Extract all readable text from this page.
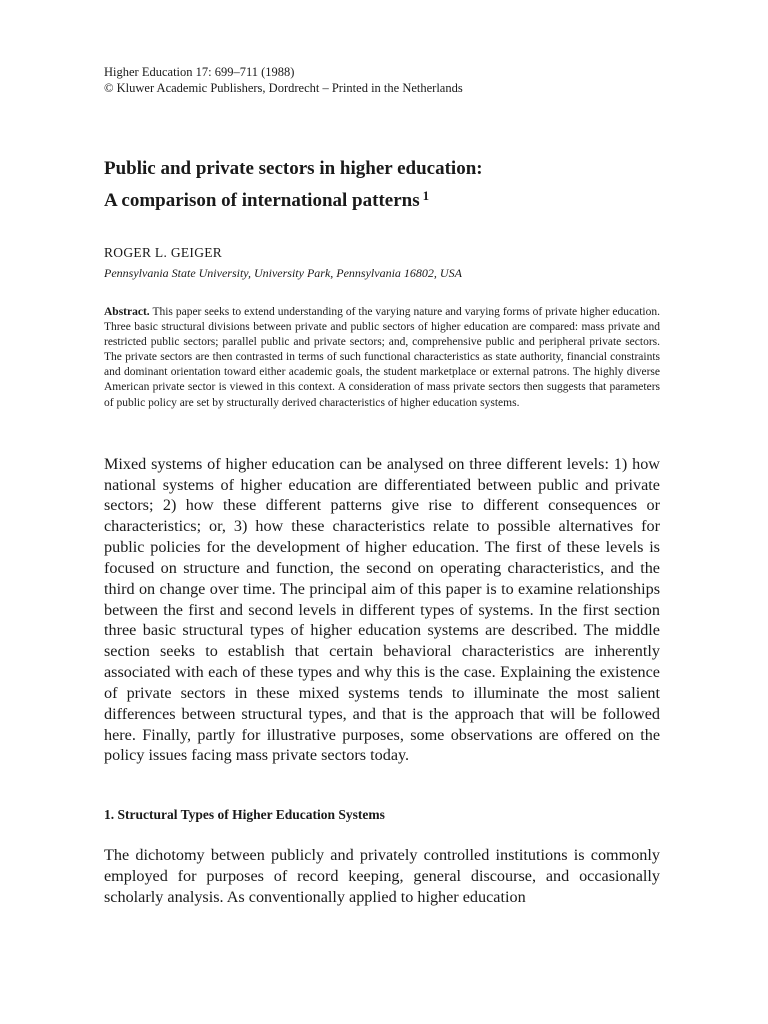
Higher Education 17: 699–711 (1988)
© Kluwer Academic Publishers, Dordrecht – Printed in the Netherlands
Public and private sectors in higher education:
A comparison of international patterns $^1$
ROGER L. GEIGER
Pennsylvania State University, University Park, Pennsylvania 16802, USA

Abstract. This paper seeks to extend understanding of the varying nature and varying forms of private higher education. Three basic structural divisions between private and public sectors of higher education are compared: mass private and restricted public sectors; parallel public and private sectors; and, comprehensive public and peripheral private sectors. The private sectors are then contrasted in terms of such functional characteristics as state authority, financial constraints and dominant orientation toward either academic goals, the student marketplace or external patrons. The highly diverse American private sector is viewed in this context. A consideration of mass private sectors then suggests that parameters of public policy are set by structurally derived characteristics of higher education systems.

Mixed systems of higher education can be analysed on three different levels: 1) how national systems of higher education are differentiated between public and private sectors; 2) how these different patterns give rise to different consequences or characteristics; or, 3) how these characteristics relate to possible alternatives for public policies for the development of higher education. The first of these levels is focused on structure and function, the second on operating characteristics, and the third on change over time. The principal aim of this paper is to examine relationships between the first and second levels in different types of systems. In the first section three basic structural types of higher education systems are described. The middle section seeks to establish that certain behavioral characteristics are inherently associated with each of these types and why this is the case. Explaining the existence of private sectors in these mixed systems tends to illuminate the most salient differences between structural types, and that is the approach that will be followed here. Finally, partly for illustrative purposes, some observations are offered on the policy issues facing mass private sectors today.

1. Structural Types of Higher Education Systems

The dichotomy between publicly and privately controlled institutions is commonly employed for purposes of record keeping, general discourse, and occasionally scholarly analysis. As conventionally applied to higher education
